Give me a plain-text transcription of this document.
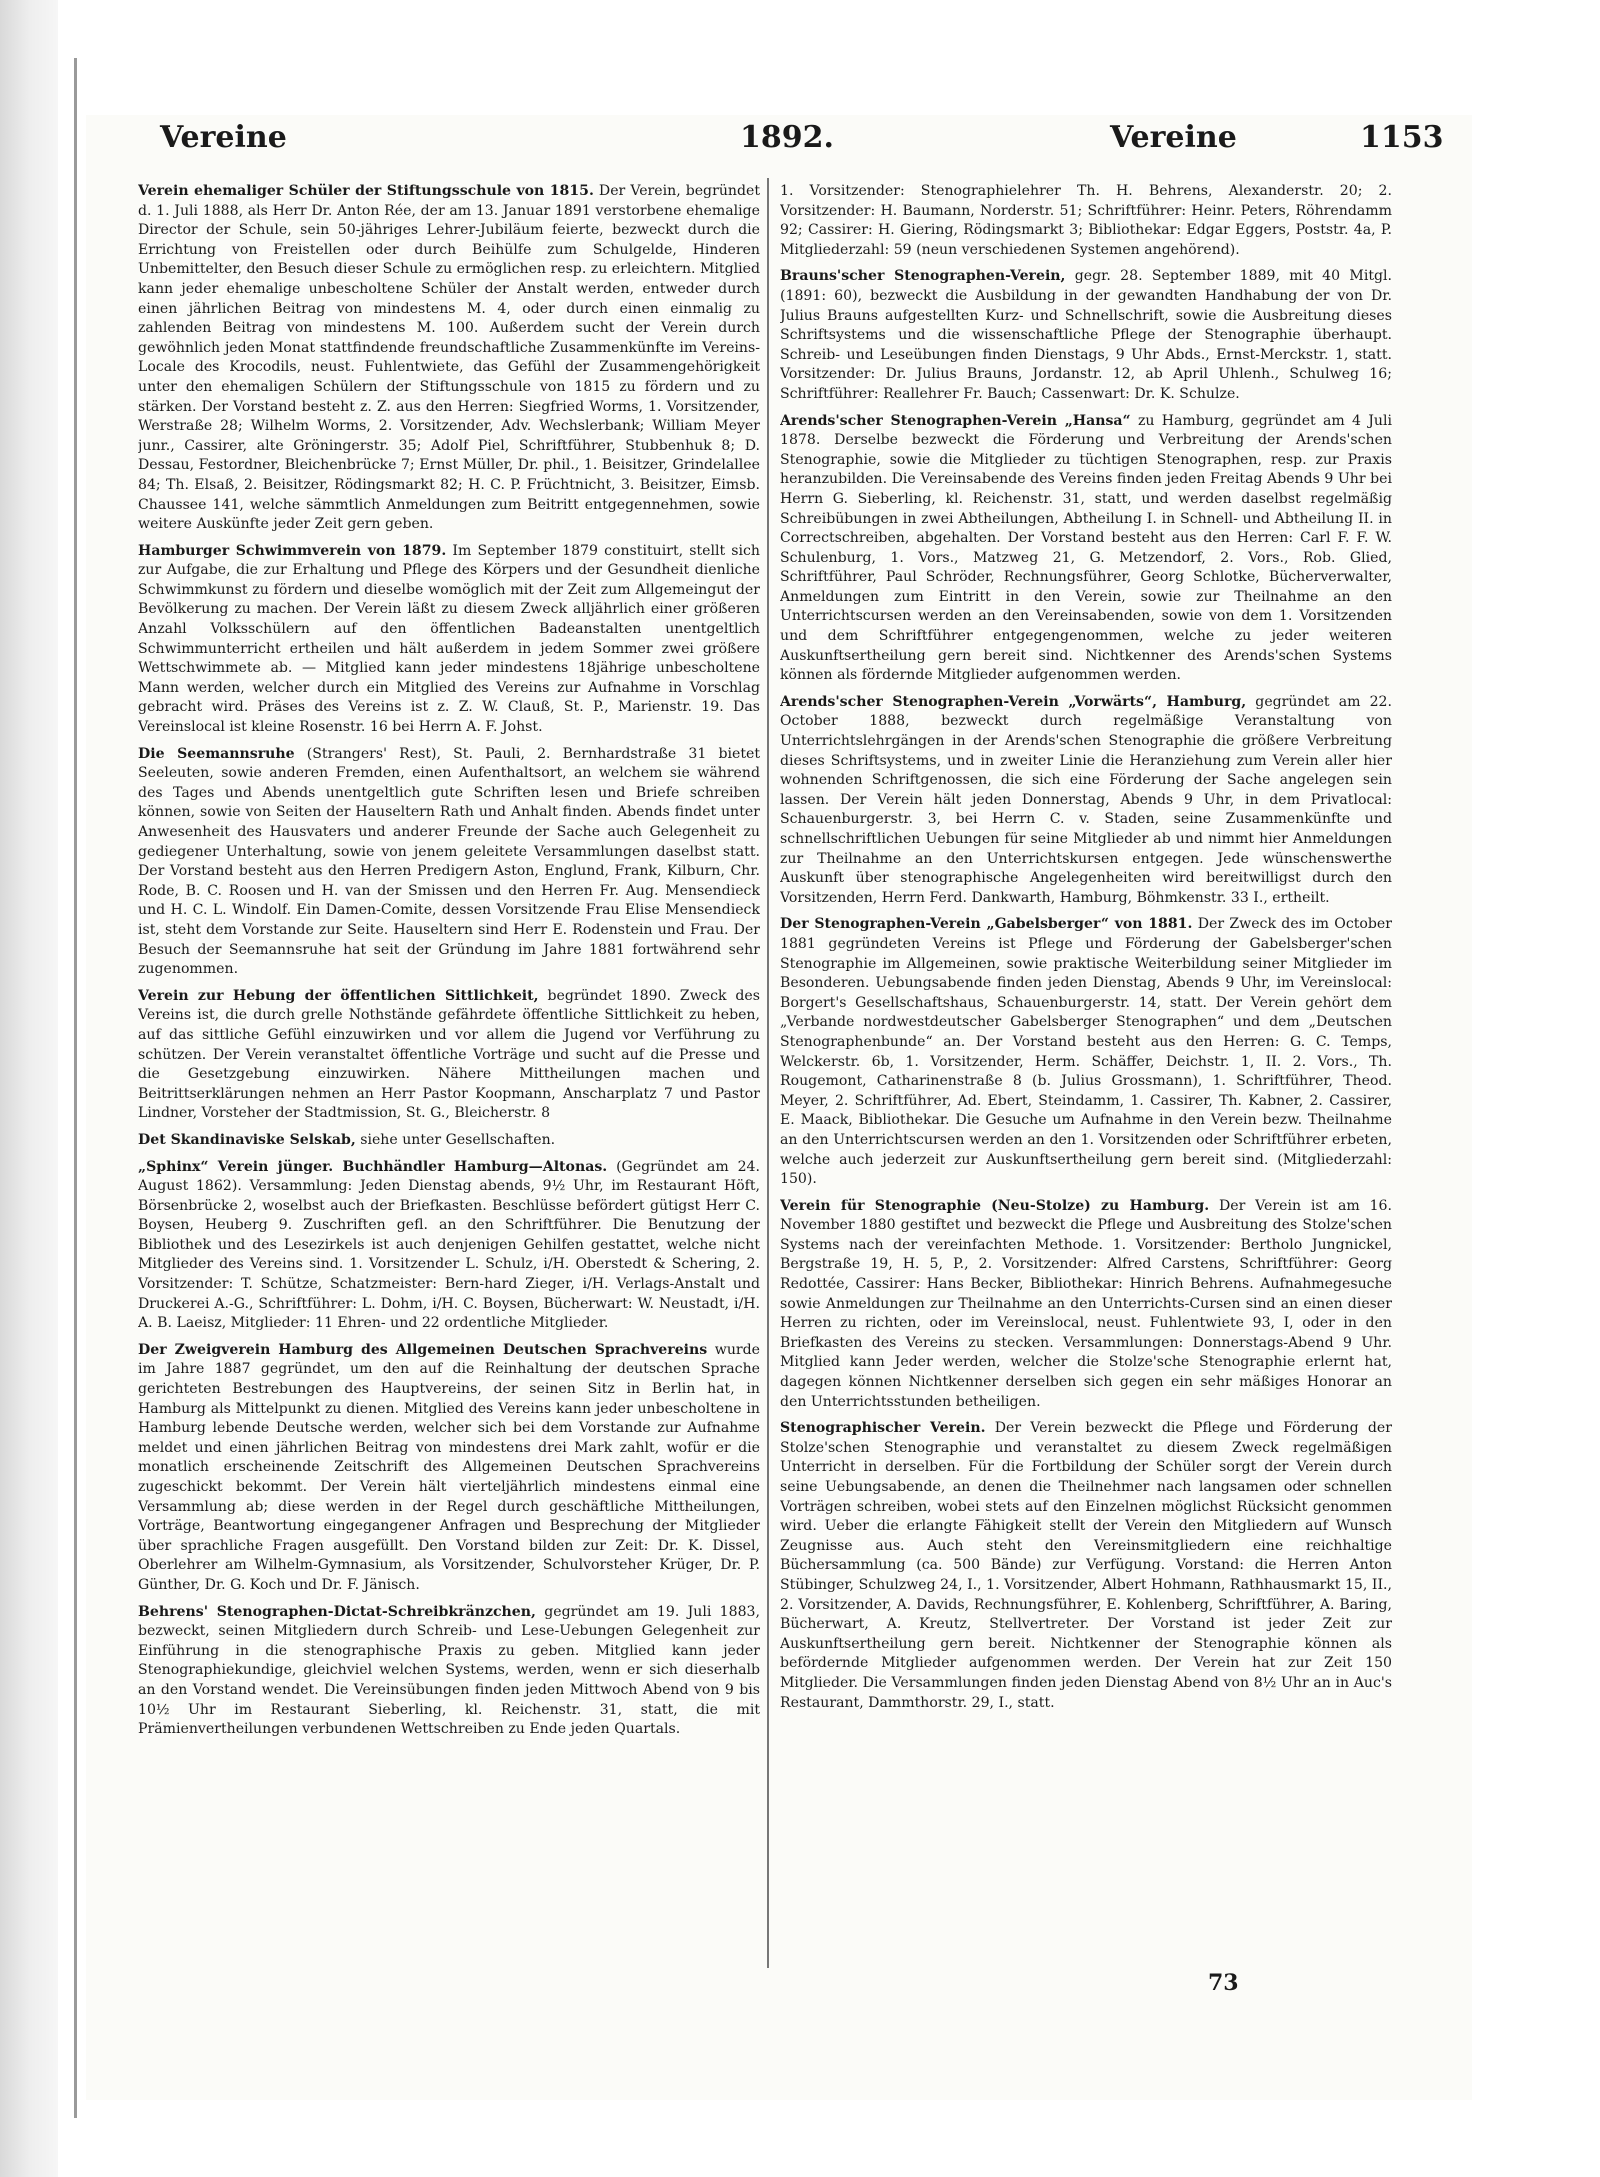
Vereine	1892.	Vereine	1153

Verein ehemaliger Schüler der Stiftungsschule von 1815. Der Verein, begründet d. 1. Juli 1888, als Herr Dr. Anton Rée, der am 13. Januar 1891 verstorbene ehemalige Director der Schule, sein 50-jähriges Lehrer-Jubiläum feierte, bezweckt durch die Errichtung von Freistellen oder durch Beihülfe zum Schulgelde, Hinderen Unbemittelter, den Besuch dieser Schule zu ermöglichen resp. zu erleichtern. Mitglied kann jeder ehemalige unbescholtene Schüler der Anstalt werden, entweder durch einen jährlichen Beitrag von mindestens M. 4, oder durch einen einmalig zu zahlenden Beitrag von mindestens M. 100. Außerdem sucht der Verein durch gewöhnlich jeden Monat stattfindende freundschaftliche Zusammenkünfte im Vereins-Locale des Krocodils, neust. Fuhlentwiete, das Gefühl der Zusammengehörigkeit unter den ehemaligen Schülern der Stiftungsschule von 1815 zu fördern und zu stärken. Der Vorstand besteht z. Z. aus den Herren: Siegfried Worms, 1. Vorsitzender, Werstraße 28; Wilhelm Worms, 2. Vorsitzender, Adv. Wechslerbank; William Meyer junr., Cassirer, alte Gröningerstr. 35; Adolf Piel, Schriftführer, Stubbenhuk 8; D. Dessau, Festordner, Bleichenbrücke 7; Ernst Müller, Dr. phil., 1. Beisitzer, Grindelallee 84; Th. Elsaß, 2. Beisitzer, Rödingsmarkt 82; H. C. P. Früchtnicht, 3. Beisitzer, Eimsb. Chaussee 141, welche sämmtlich Anmeldungen zum Beitritt entgegennehmen, sowie weitere Auskünfte jeder Zeit gern geben.

Hamburger Schwimmverein von 1879. Im September 1879 constituirt, stellt sich zur Aufgabe, die zur Erhaltung und Pflege des Körpers und der Gesundheit dienliche Schwimmkunst zu fördern und dieselbe womöglich mit der Zeit zum Allgemeingut der Bevölkerung zu machen. Der Verein läßt zu diesem Zweck alljährlich einer größeren Anzahl Volksschülern auf den öffentlichen Badeanstalten unentgeltlich Schwimmunterricht ertheilen und hält außerdem in jedem Sommer zwei größere Wettschwimmete ab. — Mitglied kann jeder mindestens 18jährige unbescholtene Mann werden, welcher durch ein Mitglied des Vereins zur Aufnahme in Vorschlag gebracht wird. Präses des Vereins ist z. Z. W. Clauß, St. P., Marienstr. 19. Das Vereinslocal ist kleine Rosenstr. 16 bei Herrn A. F. Johst.

Die Seemannsruhe (Strangers' Rest), St. Pauli, 2. Bernhardstraße 31 bietet Seeleuten, sowie anderen Fremden, einen Aufenthaltsort, an welchem sie während des Tages und Abends unentgeltlich gute Schriften lesen und Briefe schreiben können, sowie von Seiten der Hauseltern Rath und Anhalt finden. Abends findet unter Anwesenheit des Hausvaters und anderer Freunde der Sache auch Gelegenheit zu gediegener Unterhaltung, sowie von jenem geleitete Versammlungen daselbst statt. Der Vorstand besteht aus den Herren Predigern Aston, Englund, Frank, Kilburn, Chr. Rode, B. C. Roosen und H. van der Smissen und den Herren Fr. Aug. Mensendieck und H. C. L. Windolf. Ein Damen-Comite, dessen Vorsitzende Frau Elise Mensendieck ist, steht dem Vorstande zur Seite. Hauseltern sind Herr E. Rodenstein und Frau. Der Besuch der Seemannsruhe hat seit der Gründung im Jahre 1881 fortwährend sehr zugenommen.

Verein zur Hebung der öffentlichen Sittlichkeit, begründet 1890. Zweck des Vereins ist, die durch grelle Nothstände gefährdete öffentliche Sittlichkeit zu heben, auf das sittliche Gefühl einzuwirken und vor allem die Jugend vor Verführung zu schützen. Der Verein veranstaltet öffentliche Vorträge und sucht auf die Presse und die Gesetzgebung einzuwirken. Nähere Mittheilungen machen und Beitrittserklärungen nehmen an Herr Pastor Koopmann, Anscharplatz 7 und Pastor Lindner, Vorsteher der Stadtmission, St. G., Bleicherstr. 8

Det Skandinaviske Selskab, siehe unter Gesellschaften.

„Sphinx“ Verein jünger. Buchhändler Hamburg—Altonas. (Gegründet am 24. August 1862). Versammlung: Jeden Dienstag abends, 9½ Uhr, im Restaurant Höft, Börsenbrücke 2, woselbst auch der Briefkasten. Beschlüsse befördert gütigst Herr C. Boysen, Heuberg 9. Zuschriften gefl. an den Schriftführer. Die Benutzung der Bibliothek und des Lesezirkels ist auch denjenigen Gehilfen gestattet, welche nicht Mitglieder des Vereins sind. 1. Vorsitzender L. Schulz, i/H. Oberstedt & Schering, 2. Vorsitzender: T. Schütze, Schatzmeister: Bern-hard Zieger, i/H. Verlags-Anstalt und Druckerei A.-G., Schriftführer: L. Dohm, i/H. C. Boysen, Bücherwart: W. Neustadt, i/H. A. B. Laeisz, Mitglieder: 11 Ehren- und 22 ordentliche Mitglieder.

Der Zweigverein Hamburg des Allgemeinen Deutschen Sprachvereins wurde im Jahre 1887 gegründet, um den auf die Reinhaltung der deutschen Sprache gerichteten Bestrebungen des Hauptvereins, der seinen Sitz in Berlin hat, in Hamburg als Mittelpunkt zu dienen. Mitglied des Vereins kann jeder unbescholtene in Hamburg lebende Deutsche werden, welcher sich bei dem Vorstande zur Aufnahme meldet und einen jährlichen Beitrag von mindestens drei Mark zahlt, wofür er die monatlich erscheinende Zeitschrift des Allgemeinen Deutschen Sprachvereins zugeschickt bekommt. Der Verein hält vierteljährlich mindestens einmal eine Versammlung ab; diese werden in der Regel durch geschäftliche Mittheilungen, Vorträge, Beantwortung eingegangener Anfragen und Besprechung der Mitglieder über sprachliche Fragen ausgefüllt. Den Vorstand bilden zur Zeit: Dr. K. Dissel, Oberlehrer am Wilhelm-Gymnasium, als Vorsitzender, Schulvorsteher Krüger, Dr. P. Günther, Dr. G. Koch und Dr. F. Jänisch.

Behrens' Stenographen-Dictat-Schreibkränzchen, gegründet am 19. Juli 1883, bezweckt, seinen Mitgliedern durch Schreib- und Lese-Uebungen Gelegenheit zur Einführung in die stenographische Praxis zu geben. Mitglied kann jeder Stenographiekundige, gleichviel welchen Systems, werden, wenn er sich dieserhalb an den Vorstand wendet. Die Vereinsübungen finden jeden Mittwoch Abend von 9 bis 10½ Uhr im Restaurant Sieberling, kl. Reichenstr. 31, statt, die mit Prämienvertheilungen verbundenen Wettschreiben zu Ende jeden Quartals.

1. Vorsitzender: Stenographielehrer Th. H. Behrens, Alexanderstr. 20; 2. Vorsitzender: H. Baumann, Norderstr. 51; Schriftführer: Heinr. Peters, Röhrendamm 92; Cassirer: H. Giering, Rödingsmarkt 3; Bibliothekar: Edgar Eggers, Poststr. 4a, P. Mitgliederzahl: 59 (neun verschiedenen Systemen angehörend).

Brauns'scher Stenographen-Verein, gegr. 28. September 1889, mit 40 Mitgl. (1891: 60), bezweckt die Ausbildung in der gewandten Handhabung der von Dr. Julius Brauns aufgestellten Kurz- und Schnellschrift, sowie die Ausbreitung dieses Schriftsystems und die wissenschaftliche Pflege der Stenographie überhaupt. Schreib- und Leseübungen finden Dienstags, 9 Uhr Abds., Ernst-Merckstr. 1, statt. Vorsitzender: Dr. Julius Brauns, Jordanstr. 12, ab April Uhlenh., Schulweg 16; Schriftführer: Reallehrer Fr. Bauch; Cassenwart: Dr. K. Schulze.

Arends'scher Stenographen-Verein „Hansa“ zu Hamburg, gegründet am 4 Juli 1878. Derselbe bezweckt die Förderung und Verbreitung der Arends'schen Stenographie, sowie die Mitglieder zu tüchtigen Stenographen, resp. zur Praxis heranzubilden. Die Vereinsabende des Vereins finden jeden Freitag Abends 9 Uhr bei Herrn G. Sieberling, kl. Reichenstr. 31, statt, und werden daselbst regelmäßig Schreibübungen in zwei Abtheilungen, Abtheilung I. in Schnell- und Abtheilung II. in Correctschreiben, abgehalten. Der Vorstand besteht aus den Herren: Carl F. F. W. Schulenburg, 1. Vors., Matzweg 21, G. Metzendorf, 2. Vors., Rob. Glied, Schriftführer, Paul Schröder, Rechnungsführer, Georg Schlotke, Bücherverwalter, Anmeldungen zum Eintritt in den Verein, sowie zur Theilnahme an den Unterrichtscursen werden an den Vereinsabenden, sowie von dem 1. Vorsitzenden und dem Schriftführer entgegengenommen, welche zu jeder weiteren Auskunftsertheilung gern bereit sind. Nichtkenner des Arends'schen Systems können als fördernde Mitglieder aufgenommen werden.

Arends'scher Stenographen-Verein „Vorwärts“, Hamburg, gegründet am 22. October 1888, bezweckt durch regelmäßige Veranstaltung von Unterrichtslehrgängen in der Arends'schen Stenographie die größere Verbreitung dieses Schriftsystems, und in zweiter Linie die Heranziehung zum Verein aller hier wohnenden Schriftgenossen, die sich eine Förderung der Sache angelegen sein lassen. Der Verein hält jeden Donnerstag, Abends 9 Uhr, in dem Privatlocal: Schauenburgerstr. 3, bei Herrn C. v. Staden, seine Zusammenkünfte und schnellschriftlichen Uebungen für seine Mitglieder ab und nimmt hier Anmeldungen zur Theilnahme an den Unterrichtskursen entgegen. Jede wünschenswerthe Auskunft über stenographische Angelegenheiten wird bereitwilligst durch den Vorsitzenden, Herrn Ferd. Dankwarth, Hamburg, Böhmkenstr. 33 I., ertheilt.

Der Stenographen-Verein „Gabelsberger“ von 1881. Der Zweck des im October 1881 gegründeten Vereins ist Pflege und Förderung der Gabelsberger'schen Stenographie im Allgemeinen, sowie praktische Weiterbildung seiner Mitglieder im Besonderen. Uebungsabende finden jeden Dienstag, Abends 9 Uhr, im Vereinslocal: Borgert's Gesellschaftshaus, Schauenburgerstr. 14, statt. Der Verein gehört dem „Verbande nordwestdeutscher Gabelsberger Stenographen“ und dem „Deutschen Stenographenbunde“ an. Der Vorstand besteht aus den Herren: G. C. Temps, Welckerstr. 6b, 1. Vorsitzender, Herm. Schäffer, Deichstr. 1, II. 2. Vors., Th. Rougemont, Catharinenstraße 8 (b. Julius Grossmann), 1. Schriftführer, Theod. Meyer, 2. Schriftführer, Ad. Ebert, Steindamm, 1. Cassirer, Th. Kabner, 2. Cassirer, E. Maack, Bibliothekar. Die Gesuche um Aufnahme in den Verein bezw. Theilnahme an den Unterrichtscursen werden an den 1. Vorsitzenden oder Schriftführer erbeten, welche auch jederzeit zur Auskunftsertheilung gern bereit sind. (Mitgliederzahl: 150).

Verein für Stenographie (Neu-Stolze) zu Hamburg. Der Verein ist am 16. November 1880 gestiftet und bezweckt die Pflege und Ausbreitung des Stolze'schen Systems nach der vereinfachten Methode. 1. Vorsitzender: Bertholo Jungnickel, Bergstraße 19, H. 5, P., 2. Vorsitzender: Alfred Carstens, Schriftführer: Georg Redottée, Cassirer: Hans Becker, Bibliothekar: Hinrich Behrens. Aufnahmegesuche sowie Anmeldungen zur Theilnahme an den Unterrichts-Cursen sind an einen dieser Herren zu richten, oder im Vereinslocal, neust. Fuhlentwiete 93, I, oder in den Briefkasten des Vereins zu stecken. Versammlungen: Donnerstags-Abend 9 Uhr. Mitglied kann Jeder werden, welcher die Stolze'sche Stenographie erlernt hat, dagegen können Nichtkenner derselben sich gegen ein sehr mäßiges Honorar an den Unterrichtsstunden betheiligen.

Stenographischer Verein. Der Verein bezweckt die Pflege und Förderung der Stolze'schen Stenographie und veranstaltet zu diesem Zweck regelmäßigen Unterricht in derselben. Für die Fortbildung der Schüler sorgt der Verein durch seine Uebungsabende, an denen die Theilnehmer nach langsamen oder schnellen Vorträgen schreiben, wobei stets auf den Einzelnen möglichst Rücksicht genommen wird. Ueber die erlangte Fähigkeit stellt der Verein den Mitgliedern auf Wunsch Zeugnisse aus. Auch steht den Vereinsmitgliedern eine reichhaltige Büchersammlung (ca. 500 Bände) zur Verfügung. Vorstand: die Herren Anton Stübinger, Schulzweg 24, I., 1. Vorsitzender, Albert Hohmann, Rathhausmarkt 15, II., 2. Vorsitzender, A. Davids, Rechnungsführer, E. Kohlenberg, Schriftführer, A. Baring, Bücherwart, A. Kreutz, Stellvertreter. Der Vorstand ist jeder Zeit zur Auskunftsertheilung gern bereit. Nichtkenner der Stenographie können als befördernde Mitglieder aufgenommen werden. Der Verein hat zur Zeit 150 Mitglieder. Die Versammlungen finden jeden Dienstag Abend von 8½ Uhr an in Auc's Restaurant, Dammthorstr. 29, I., statt.

73
